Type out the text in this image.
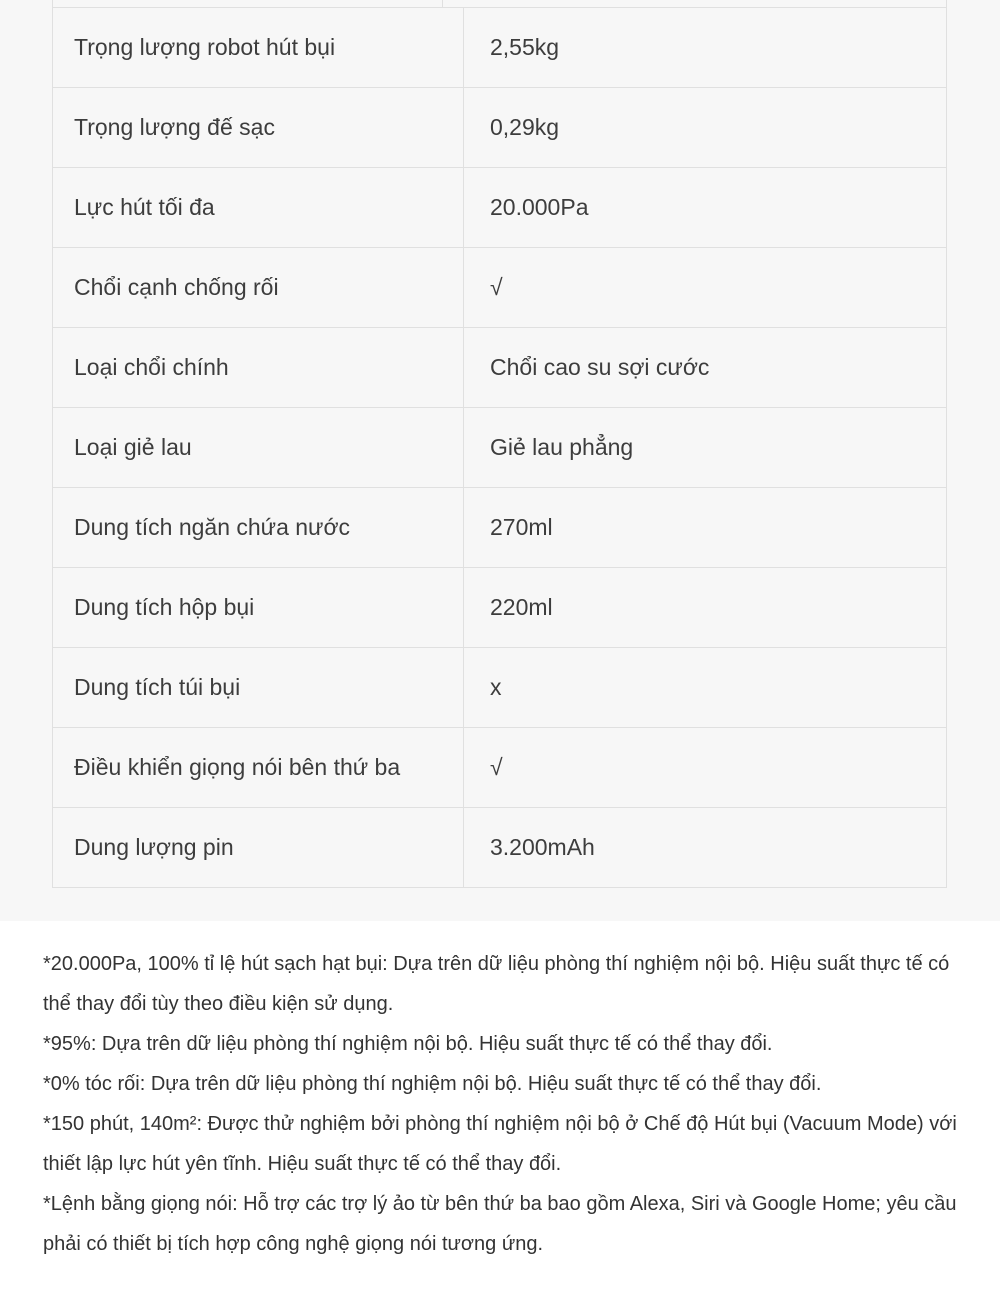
Trọng lượng robot hút bụi	2,55kg
Trọng lượng đế sạc	0,29kg
Lực hút tối đa	20.000Pa
Chổi cạnh chống rối	√
Loại chổi chính	Chổi cao su sợi cước
Loại giẻ lau	Giẻ lau phẳng
Dung tích ngăn chứa nước	270ml
Dung tích hộp bụi	220ml
Dung tích túi bụi	x
Điều khiển giọng nói bên thứ ba	√
Dung lượng pin	3.200mAh

*20.000Pa, 100% tỉ lệ hút sạch hạt bụi: Dựa trên dữ liệu phòng thí nghiệm nội bộ. Hiệu suất thực tế có thể thay đổi tùy theo điều kiện sử dụng.

*95%: Dựa trên dữ liệu phòng thí nghiệm nội bộ. Hiệu suất thực tế có thể thay đổi.

*0% tóc rối: Dựa trên dữ liệu phòng thí nghiệm nội bộ. Hiệu suất thực tế có thể thay đổi.

*150 phút, 140m²: Được thử nghiệm bởi phòng thí nghiệm nội bộ ở Chế độ Hút bụi (Vacuum Mode) với thiết lập lực hút yên tĩnh. Hiệu suất thực tế có thể thay đổi.

*Lệnh bằng giọng nói: Hỗ trợ các trợ lý ảo từ bên thứ ba bao gồm Alexa, Siri và Google Home; yêu cầu phải có thiết bị tích hợp công nghệ giọng nói tương ứng.
